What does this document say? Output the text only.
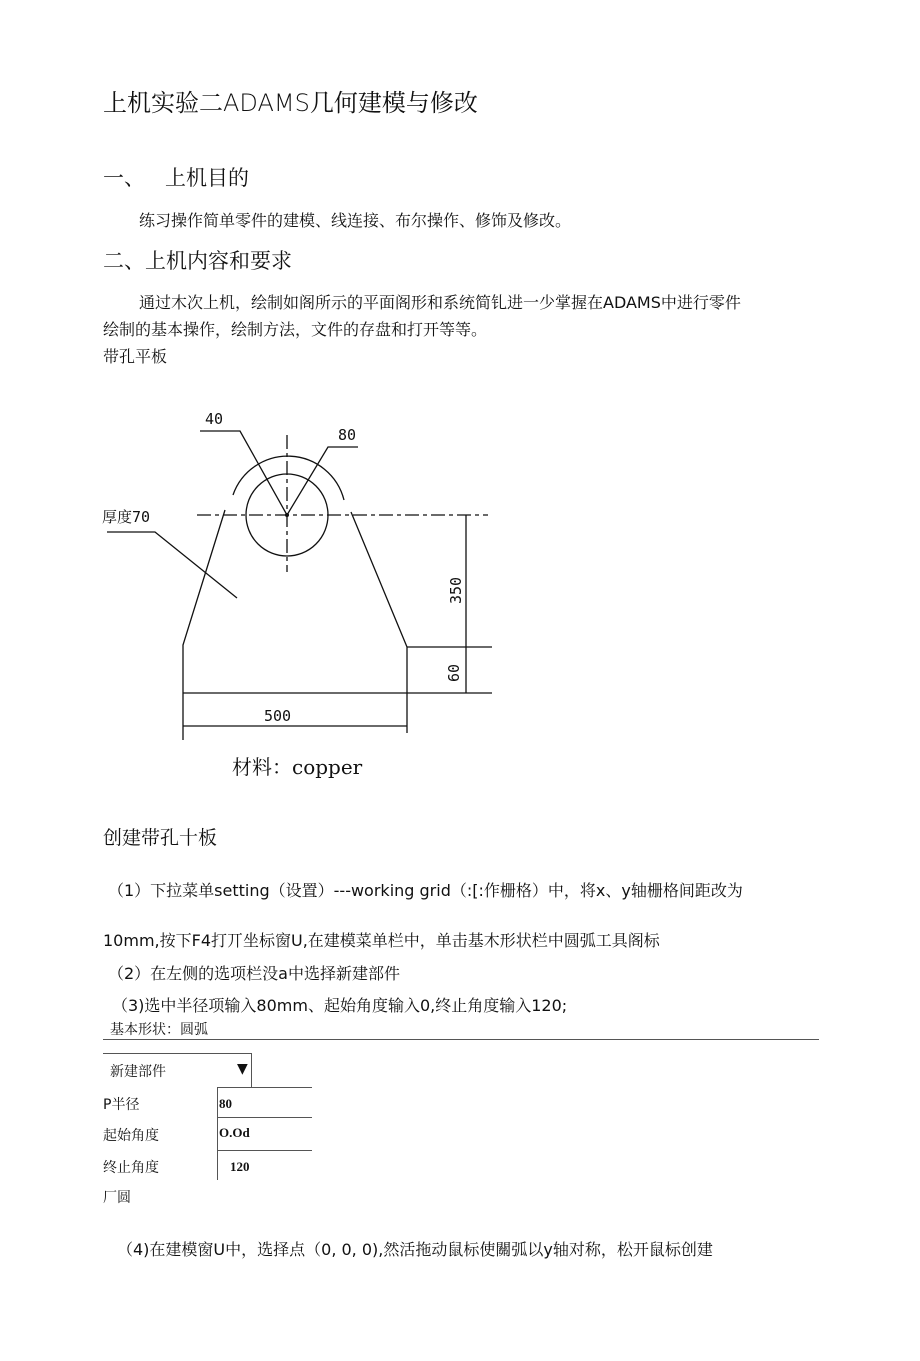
上机实验二ADAMS几何建模与修改
一、 上机目的
练习操作简单零件的建模、线连接、布尔操作、修饰及修改。
二、上机内容和要求
通过木次上机，绘制如阁所示的平面阁形和系统简钆进一少掌握在ADAMS中进行零件
绘制的基本操作，绘制方法，文件的存盘和打开等等。
带孔平板
40
80
厚度70
350
60
500
材料：copper
创建带孔十板
（1）下拉菜单setting（设置）---working grid（:[:作栅格）中，将x、y轴栅格间距改为
10mm,按下F4打丌坐标窗U,在建模菜单栏中，单击基木形状栏中圆弧工具阁标
（2）在左侧的选项栏没a中选择新建部件
（3)选中半径项输入80mm、起始角度输入0,终止角度输入120;
基本形状：圆弧
新建部件	▼
P半径	80
起始角度	O.Od
终止角度	120
厂圆
（4)在建模窗U中，选择点（0, 0, 0),然活拖动鼠标使關弧以y轴对称，松开鼠标创建
